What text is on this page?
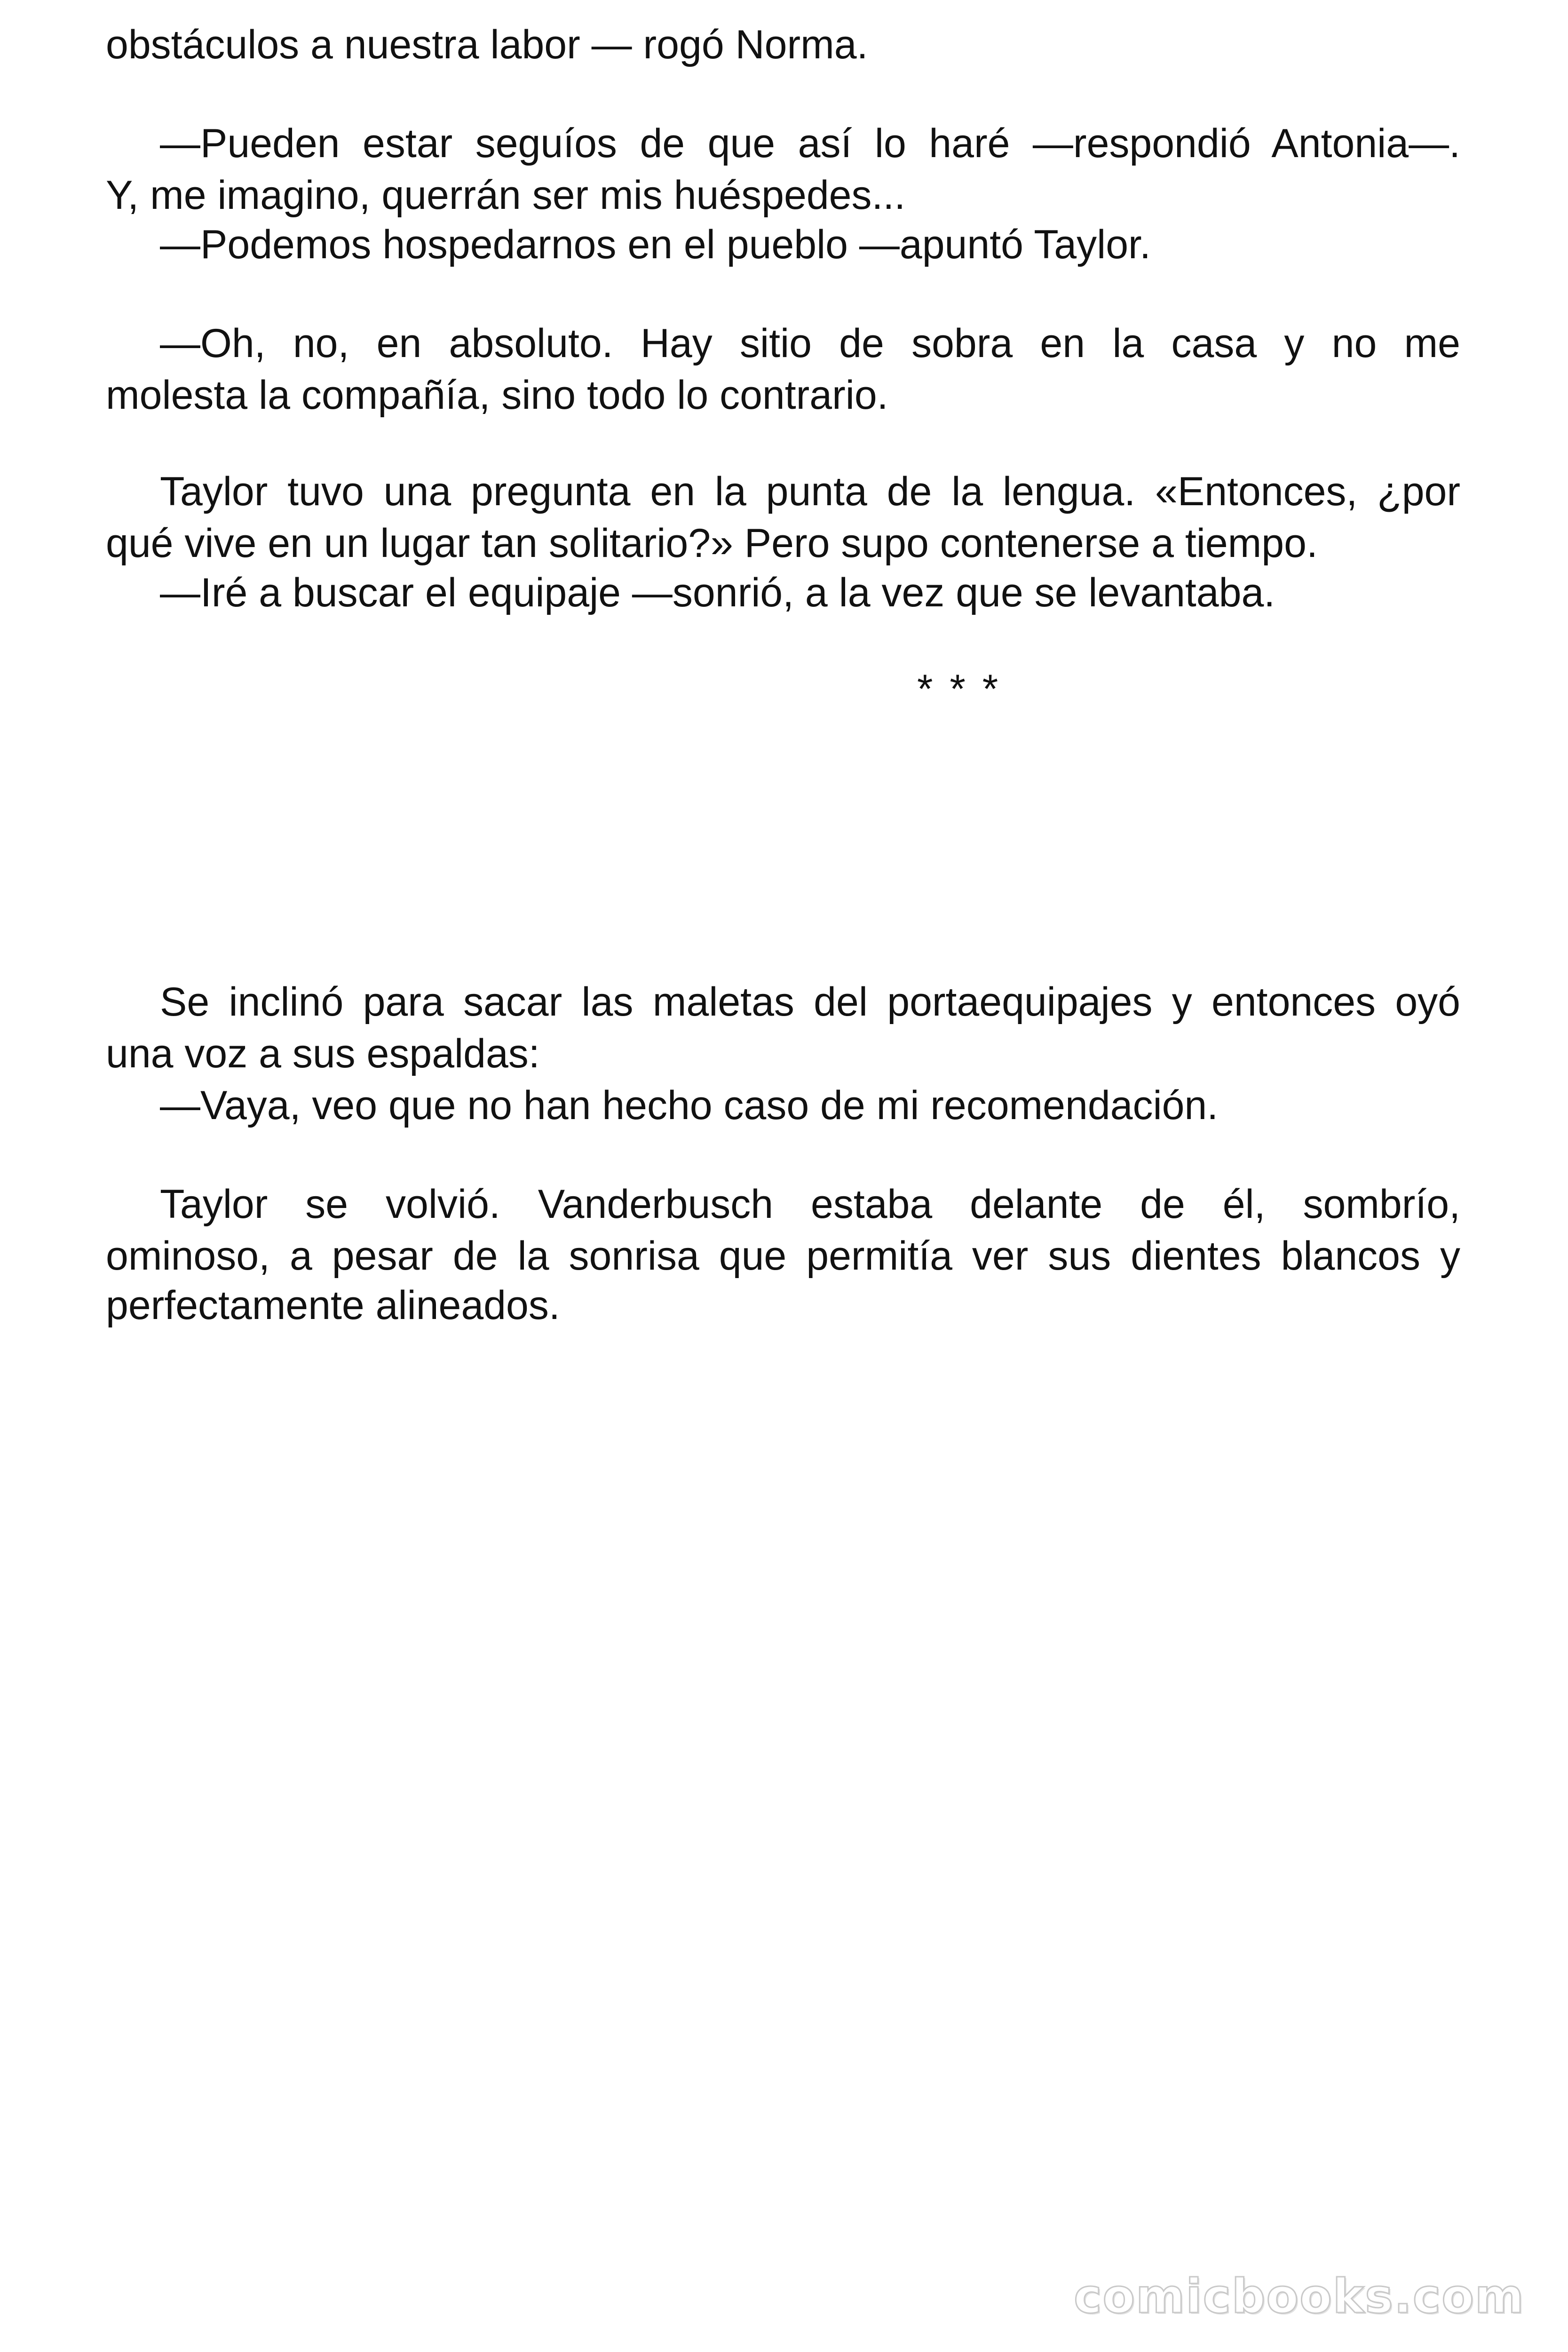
obstáculos a nuestra labor — rogó Norma.
—Pueden estar seguíos de que así lo haré —respondió Antonia—.
Y, me imagino, querrán ser mis huéspedes...
—Podemos hospedarnos en el pueblo —apuntó Taylor.
—Oh, no, en absoluto. Hay sitio de sobra en la casa y no me
molesta la compañía, sino todo lo contrario.
Taylor tuvo una pregunta en la punta de la lengua. «Entonces, ¿por
qué vive en un lugar tan solitario?» Pero supo contenerse a tiempo.
—Iré a buscar el equipaje —sonrió, a la vez que se levantaba.
* * *
Se inclinó para sacar las maletas del portaequipajes y entonces oyó
una voz a sus espaldas:
—Vaya, veo que no han hecho caso de mi recomendación.
Taylor se volvió. Vanderbusch estaba delante de él, sombrío,
ominoso, a pesar de la sonrisa que permitía ver sus dientes blancos y
perfectamente alineados.
comicbooks.com
